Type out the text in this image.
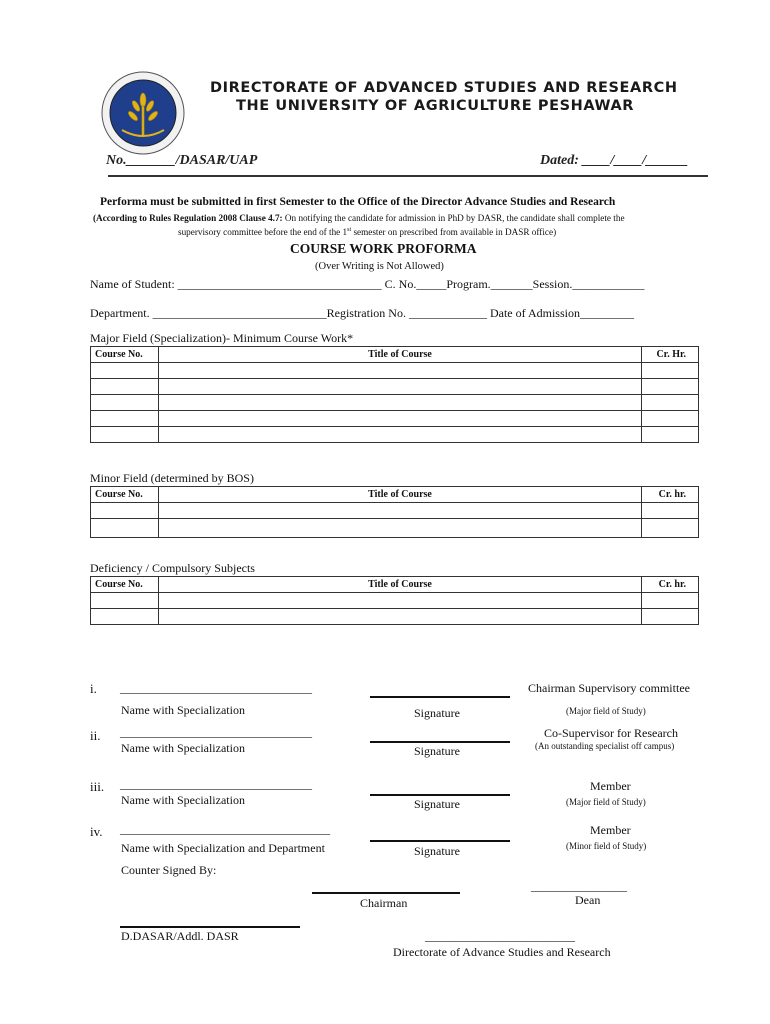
DIRECTORATE OF ADVANCED STUDIES AND RESEARCH
THE UNIVERSITY OF AGRICULTURE PESHAWAR
No._______/DASAR/UAP	Dated: ____/____/______
Performa must be submitted in first Semester to the Office of the Director Advance Studies and Research
(According to Rules Regulation 2008 Clause 4.7: On notifying the candidate for admission in PhD by DASR, the candidate shall complete the
supervisory committee before the end of the 1st semester on prescribed from available in DASR office)
COURSE WORK PROFORMA
(Over Writing is Not Allowed)
Name of Student: __________________________________ C. No._____Program._______Session.____________
Department. _____________________________Registration No. _____________ Date of Admission_________
Major Field (Specialization)- Minimum Course Work*
Course No.	Title of Course	Cr. Hr.

Minor Field (determined by BOS)
Course No.	Title of Course	Cr. hr.

Deficiency / Compulsory Subjects
Course No.	Title of Course	Cr. hr.

i. ________________________________
Name with Specialization	Signature
Chairman Supervisory committee
(Major field of Study)
ii. ________________________________
Name with Specialization	Signature
Co-Supervisor for Research
(An outstanding specialist off campus)
iii. ________________________________
Name with Specialization	Signature
Member
(Major field of Study)
iv. ___________________________________
Name with Specialization and Department	Signature
Member
(Minor field of Study)
Counter Signed By:
________________
Dean
Chairman
D.DASAR/Addl. DASR	_________________________
Directorate of Advance Studies and Research
